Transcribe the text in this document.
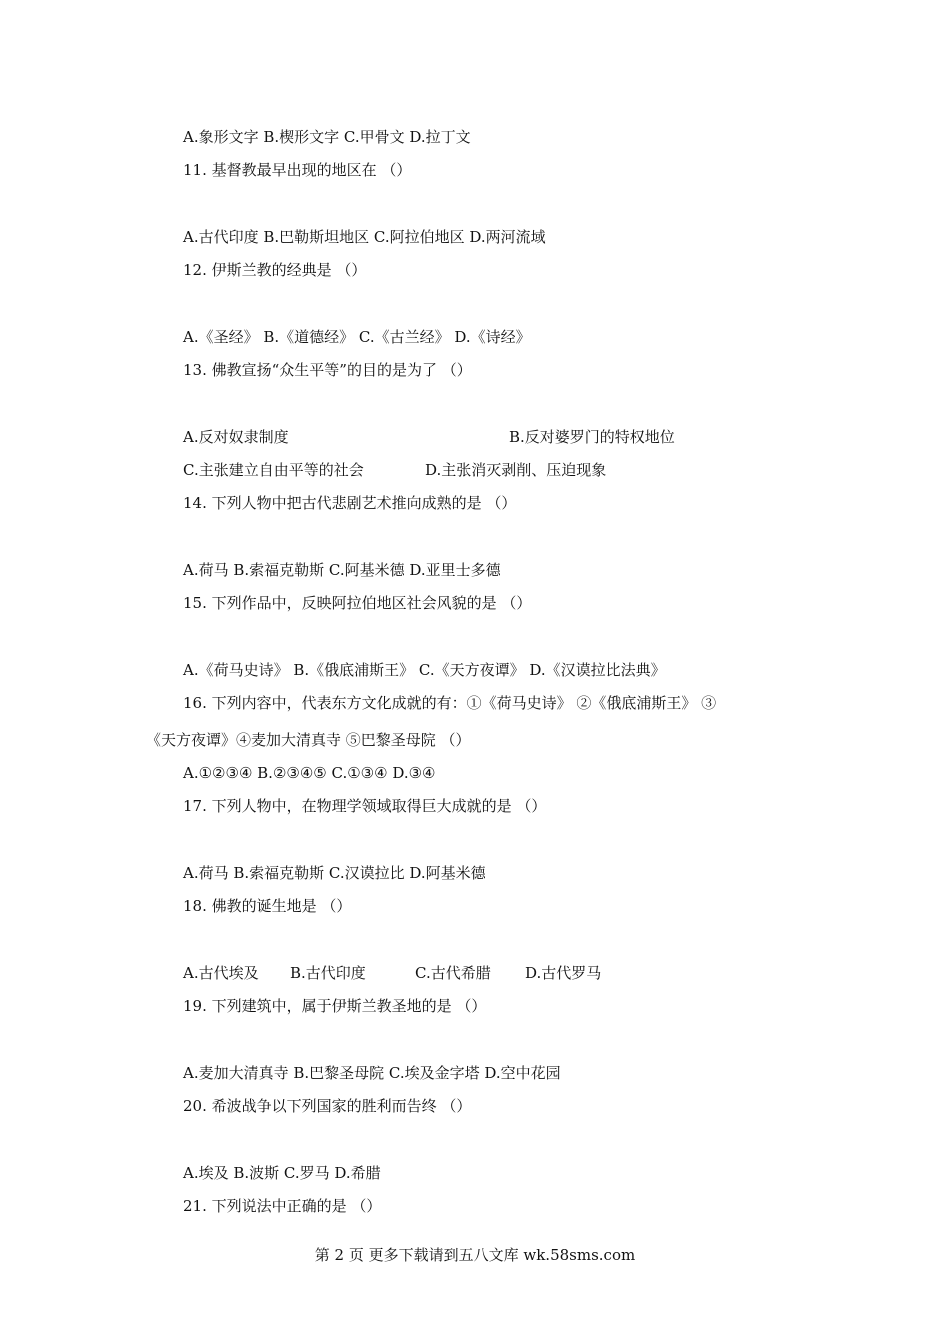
A.象形文字 B.楔形文字 C.甲骨文 D.拉丁文
11. 基督教最早出现的地区在 （）
A.古代印度 B.巴勒斯坦地区 C.阿拉伯地区 D.两河流域
12. 伊斯兰教的经典是 （）
A.《圣经》 B.《道德经》 C.《古兰经》 D.《诗经》
13. 佛教宣扬“众生平等”的目的是为了 （）
A.反对奴隶制度	B.反对婆罗门的特权地位
C.主张建立自由平等的社会	D.主张消灭剥削、压迫现象
14. 下列人物中把古代悲剧艺术推向成熟的是 （）
A.荷马 B.索福克勒斯 C.阿基米德 D.亚里士多德
15. 下列作品中，反映阿拉伯地区社会风貌的是 （）
A.《荷马史诗》 B.《俄底浦斯王》 C.《天方夜谭》 D.《汉谟拉比法典》
16. 下列内容中，代表东方文化成就的有：①《荷马史诗》 ②《俄底浦斯王》 ③
《天方夜谭》④麦加大清真寺 ⑤巴黎圣母院 （）
A.①②③④ B.②③④⑤ C.①③④ D.③④
17. 下列人物中，在物理学领域取得巨大成就的是 （）
A.荷马 B.索福克勒斯 C.汉谟拉比 D.阿基米德
18. 佛教的诞生地是 （）
A.古代埃及 B.古代印度	C.古代希腊 D.古代罗马
19. 下列建筑中，属于伊斯兰教圣地的是 （）
A.麦加大清真寺 B.巴黎圣母院 C.埃及金字塔 D.空中花园
20. 希波战争以下列国家的胜利而告终 （）
A.埃及 B.波斯 C.罗马 D.希腊
21. 下列说法中正确的是 （）
第 2 页 更多下载请到五八文库 wk.58sms.com
